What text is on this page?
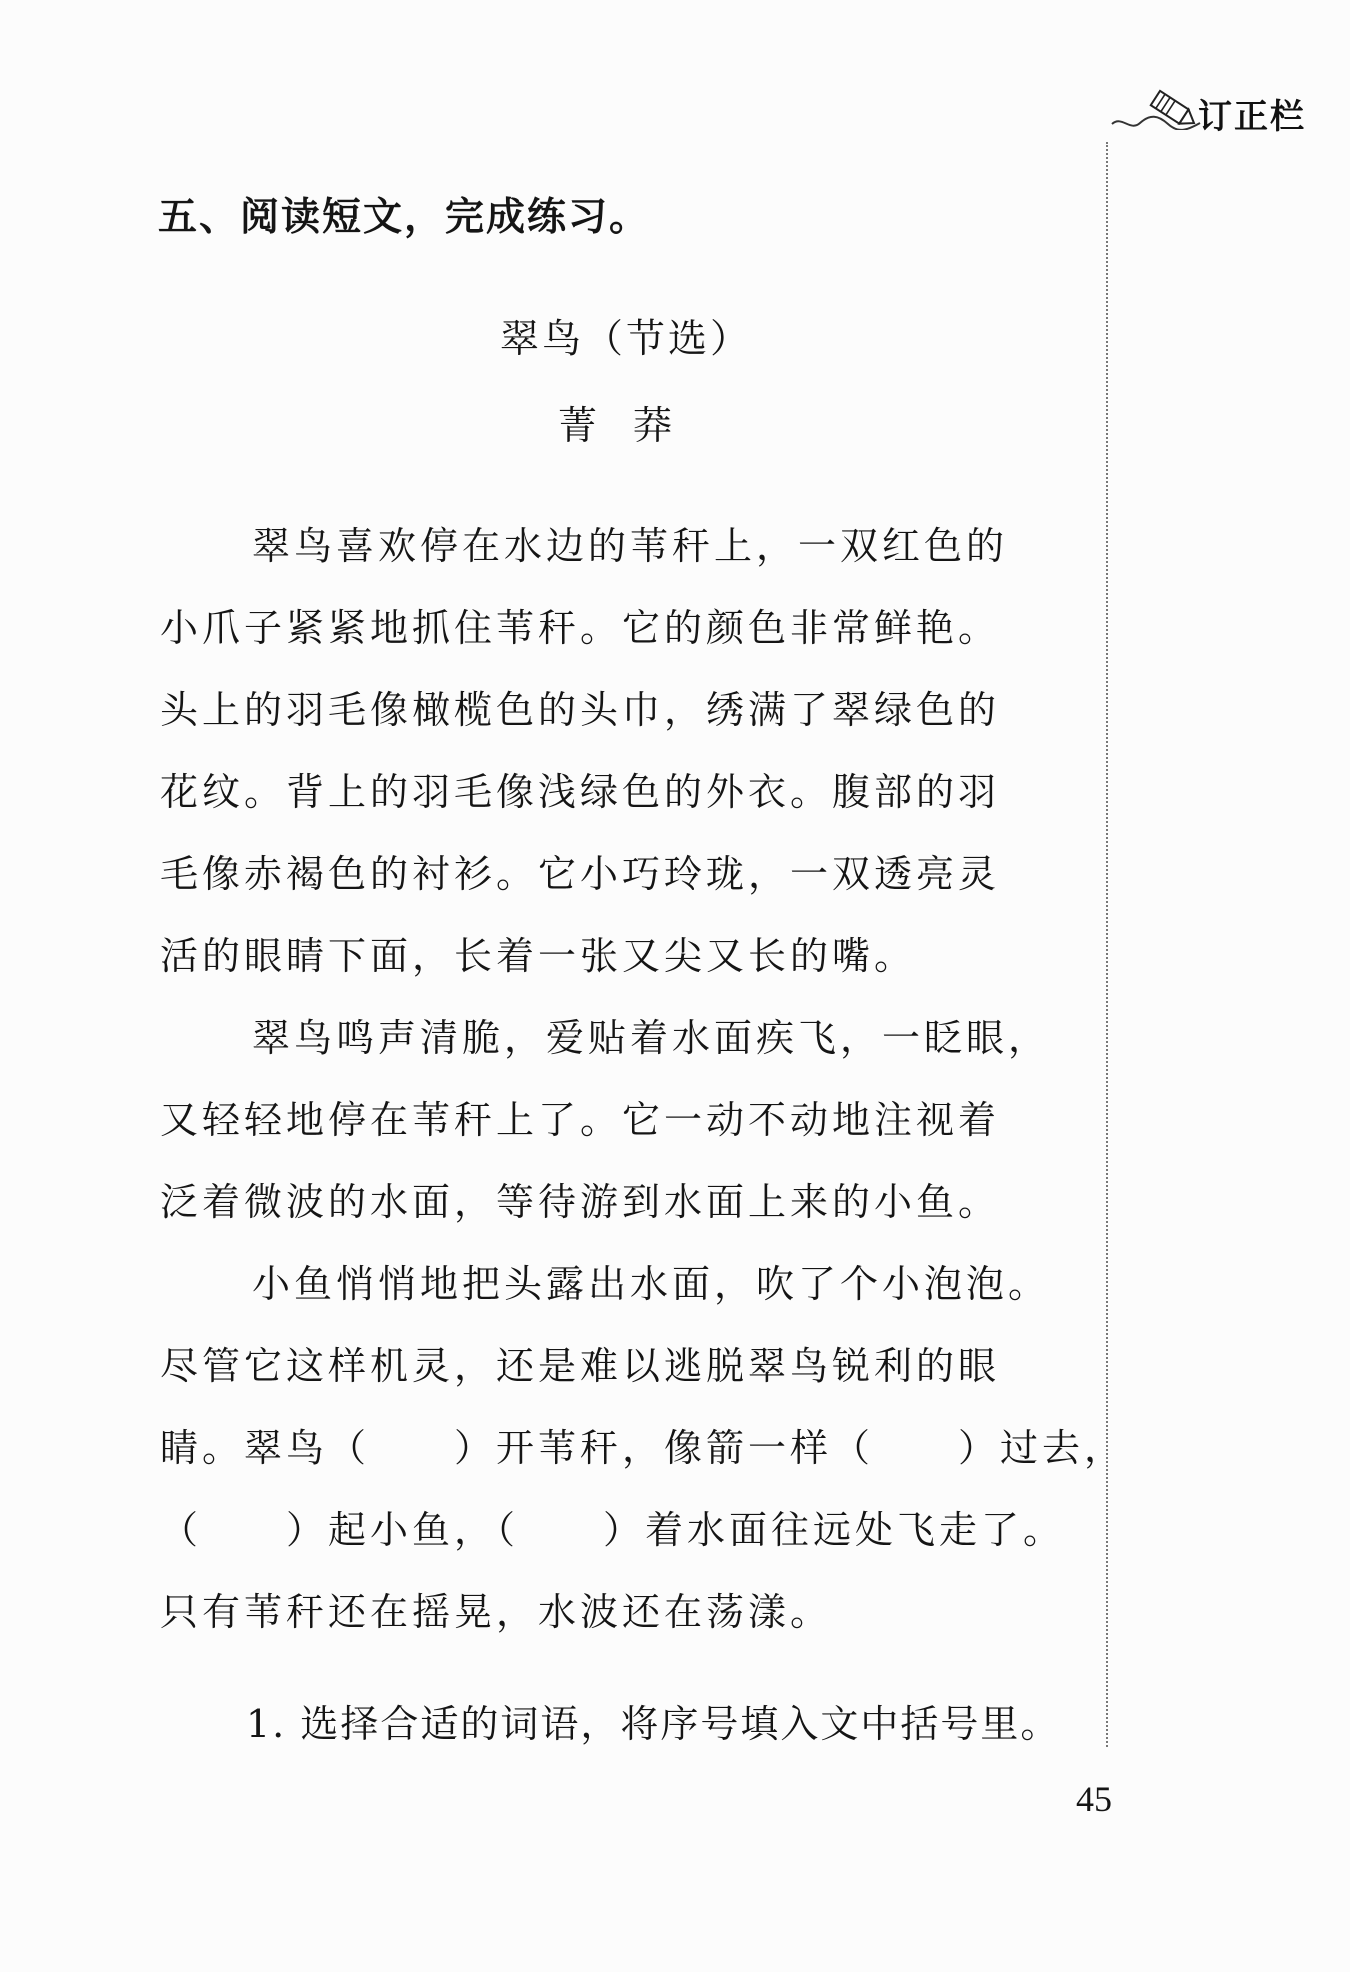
订正栏
五、阅读短文，完成练习。
翠鸟（节选）
菁莽
翠鸟喜欢停在水边的苇秆上，一双红色的
小爪子紧紧地抓住苇秆。它的颜色非常鲜艳。
头上的羽毛像橄榄色的头巾，绣满了翠绿色的
花纹。背上的羽毛像浅绿色的外衣。腹部的羽
毛像赤褐色的衬衫。它小巧玲珑，一双透亮灵
活的眼睛下面，长着一张又尖又长的嘴。
翠鸟鸣声清脆，爱贴着水面疾飞，一眨眼，
又轻轻地停在苇秆上了。它一动不动地注视着
泛着微波的水面，等待游到水面上来的小鱼。
小鱼悄悄地把头露出水面，吹了个小泡泡。
尽管它这样机灵，还是难以逃脱翠鸟锐利的眼
睛。翠鸟（　　）开苇秆，像箭一样（　　）过去，
（　　）起小鱼，（　　）着水面往远处飞走了。
只有苇秆还在摇晃，水波还在荡漾。
1. 选择合适的词语，将序号填入文中括号里。
45
